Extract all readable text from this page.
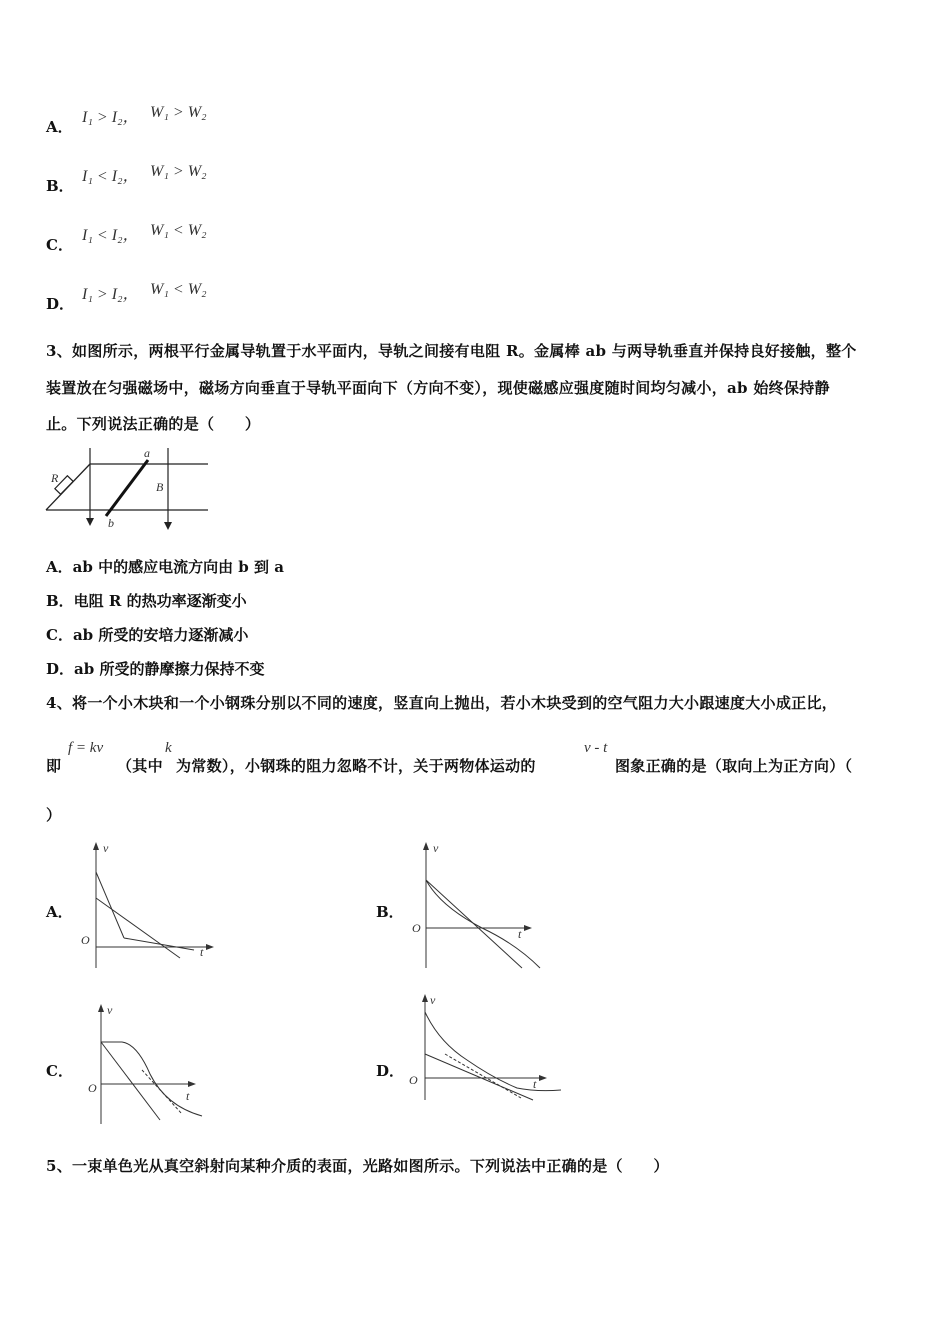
A．
I₁ > I₂， W₁ > W₂
B．
I₁ < I₂， W₁ > W₂
C．
I₁ < I₂， W₁ < W₂
D．
I₁ > I₂， W₁ < W₂
3、如图所示，两根平行金属导轨置于水平面内，导轨之间接有电阻 R。金属棒 ab 与两导轨垂直并保持良好接触，整个
装置放在匀强磁场中，磁场方向垂直于导轨平面向下（方向不变），现使磁感应强度随时间均匀减小，ab 始终保持静
止。下列说法正确的是（　　）
R
a
b
B
A．ab 中的感应电流方向由 b 到 a
B．电阻 R 的热功率逐渐变小
C．ab 所受的安培力逐渐减小
D．ab 所受的静摩擦力保持不变
4、将一个小木块和一个小钢珠分别以不同的速度，竖直向上抛出，若小木块受到的空气阻力大小跟速度大小成正比，
即
f = kv
（其中
k
为常数），小钢珠的阻力忽略不计，关于两物体运动的
v - t
图象正确的是（取向上为正方向）（
）
A．
v
t
O
B．
v
t
O
C．
v
t
O
D．
v
t
O
5、一束单色光从真空斜射向某种介质的表面，光路如图所示。下列说法中正确的是（　　）
